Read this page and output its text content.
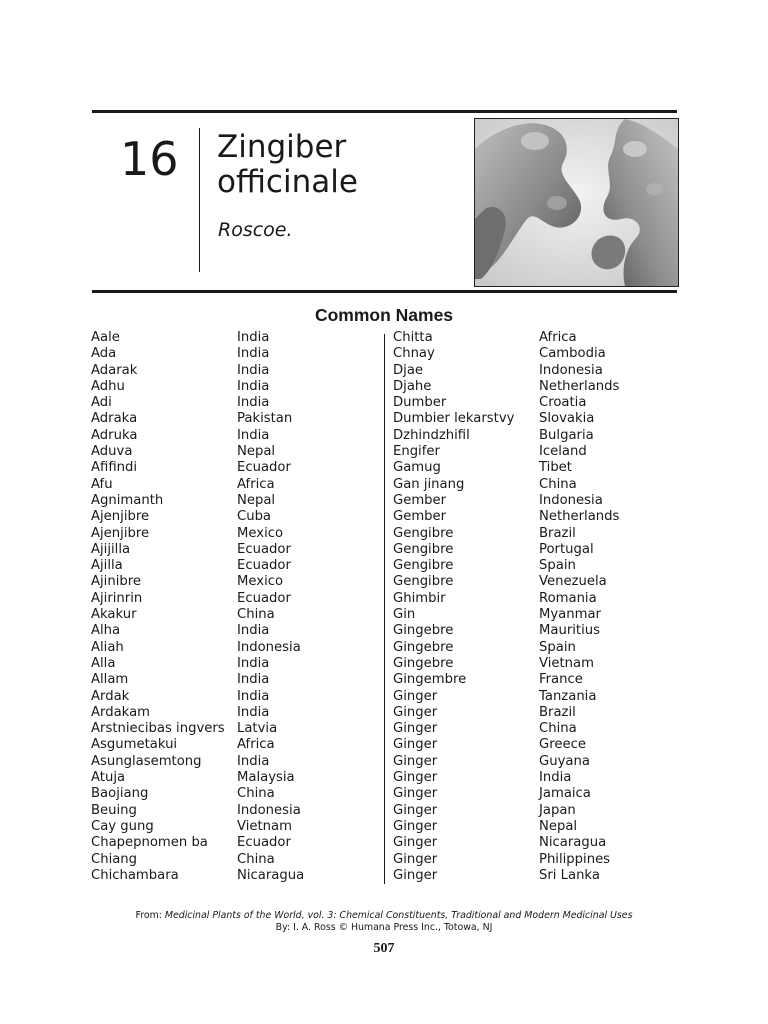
16 Zingiber
officinale
Roscoe.
Common Names
Aale
Ada
Adarak
Adhu
Adi
Adraka
Adruka
Aduva
Afifindi
Afu
Agnimanth
Ajenjibre
Ajenjibre
Ajijilla
Ajilla
Ajinibre
Ajirinrin
Akakur
Alha
Aliah
Alla
Allam
Ardak
Ardakam
Arstniecibas ingvers
Asgumetakui
Asunglasemtong
Atuja
Baojiang
Beuing
Cay gung
Chapepnomen ba
Chiang
Chichambara
India
India
India
India
India
Pakistan
India
Nepal
Ecuador
Africa
Nepal
Cuba
Mexico
Ecuador
Ecuador
Mexico
Ecuador
China
India
Indonesia
India
India
India
India
Latvia
Africa
India
Malaysia
China
Indonesia
Vietnam
Ecuador
China
Nicaragua
Chitta
Chnay
Djae
Djahe
Dumber
Dumbier lekarstvy
Dzhindzhifil
Engifer
Gamug
Gan jinang
Gember
Gember
Gengibre
Gengibre
Gengibre
Gengibre
Ghimbir
Gin
Gingebre
Gingebre
Gingebre
Gingembre
Ginger
Ginger
Ginger
Ginger
Ginger
Ginger
Ginger
Ginger
Ginger
Ginger
Ginger
Ginger
Africa
Cambodia
Indonesia
Netherlands
Croatia
Slovakia
Bulgaria
Iceland
Tibet
China
Indonesia
Netherlands
Brazil
Portugal
Spain
Venezuela
Romania
Myanmar
Mauritius
Spain
Vietnam
France
Tanzania
Brazil
China
Greece
Guyana
India
Jamaica
Japan
Nepal
Nicaragua
Philippines
Sri Lanka
From: Medicinal Plants of the World, vol. 3: Chemical Constituents, Traditional and Modern Medicinal Uses
By: I. A. Ross © Humana Press Inc., Totowa, NJ
507
